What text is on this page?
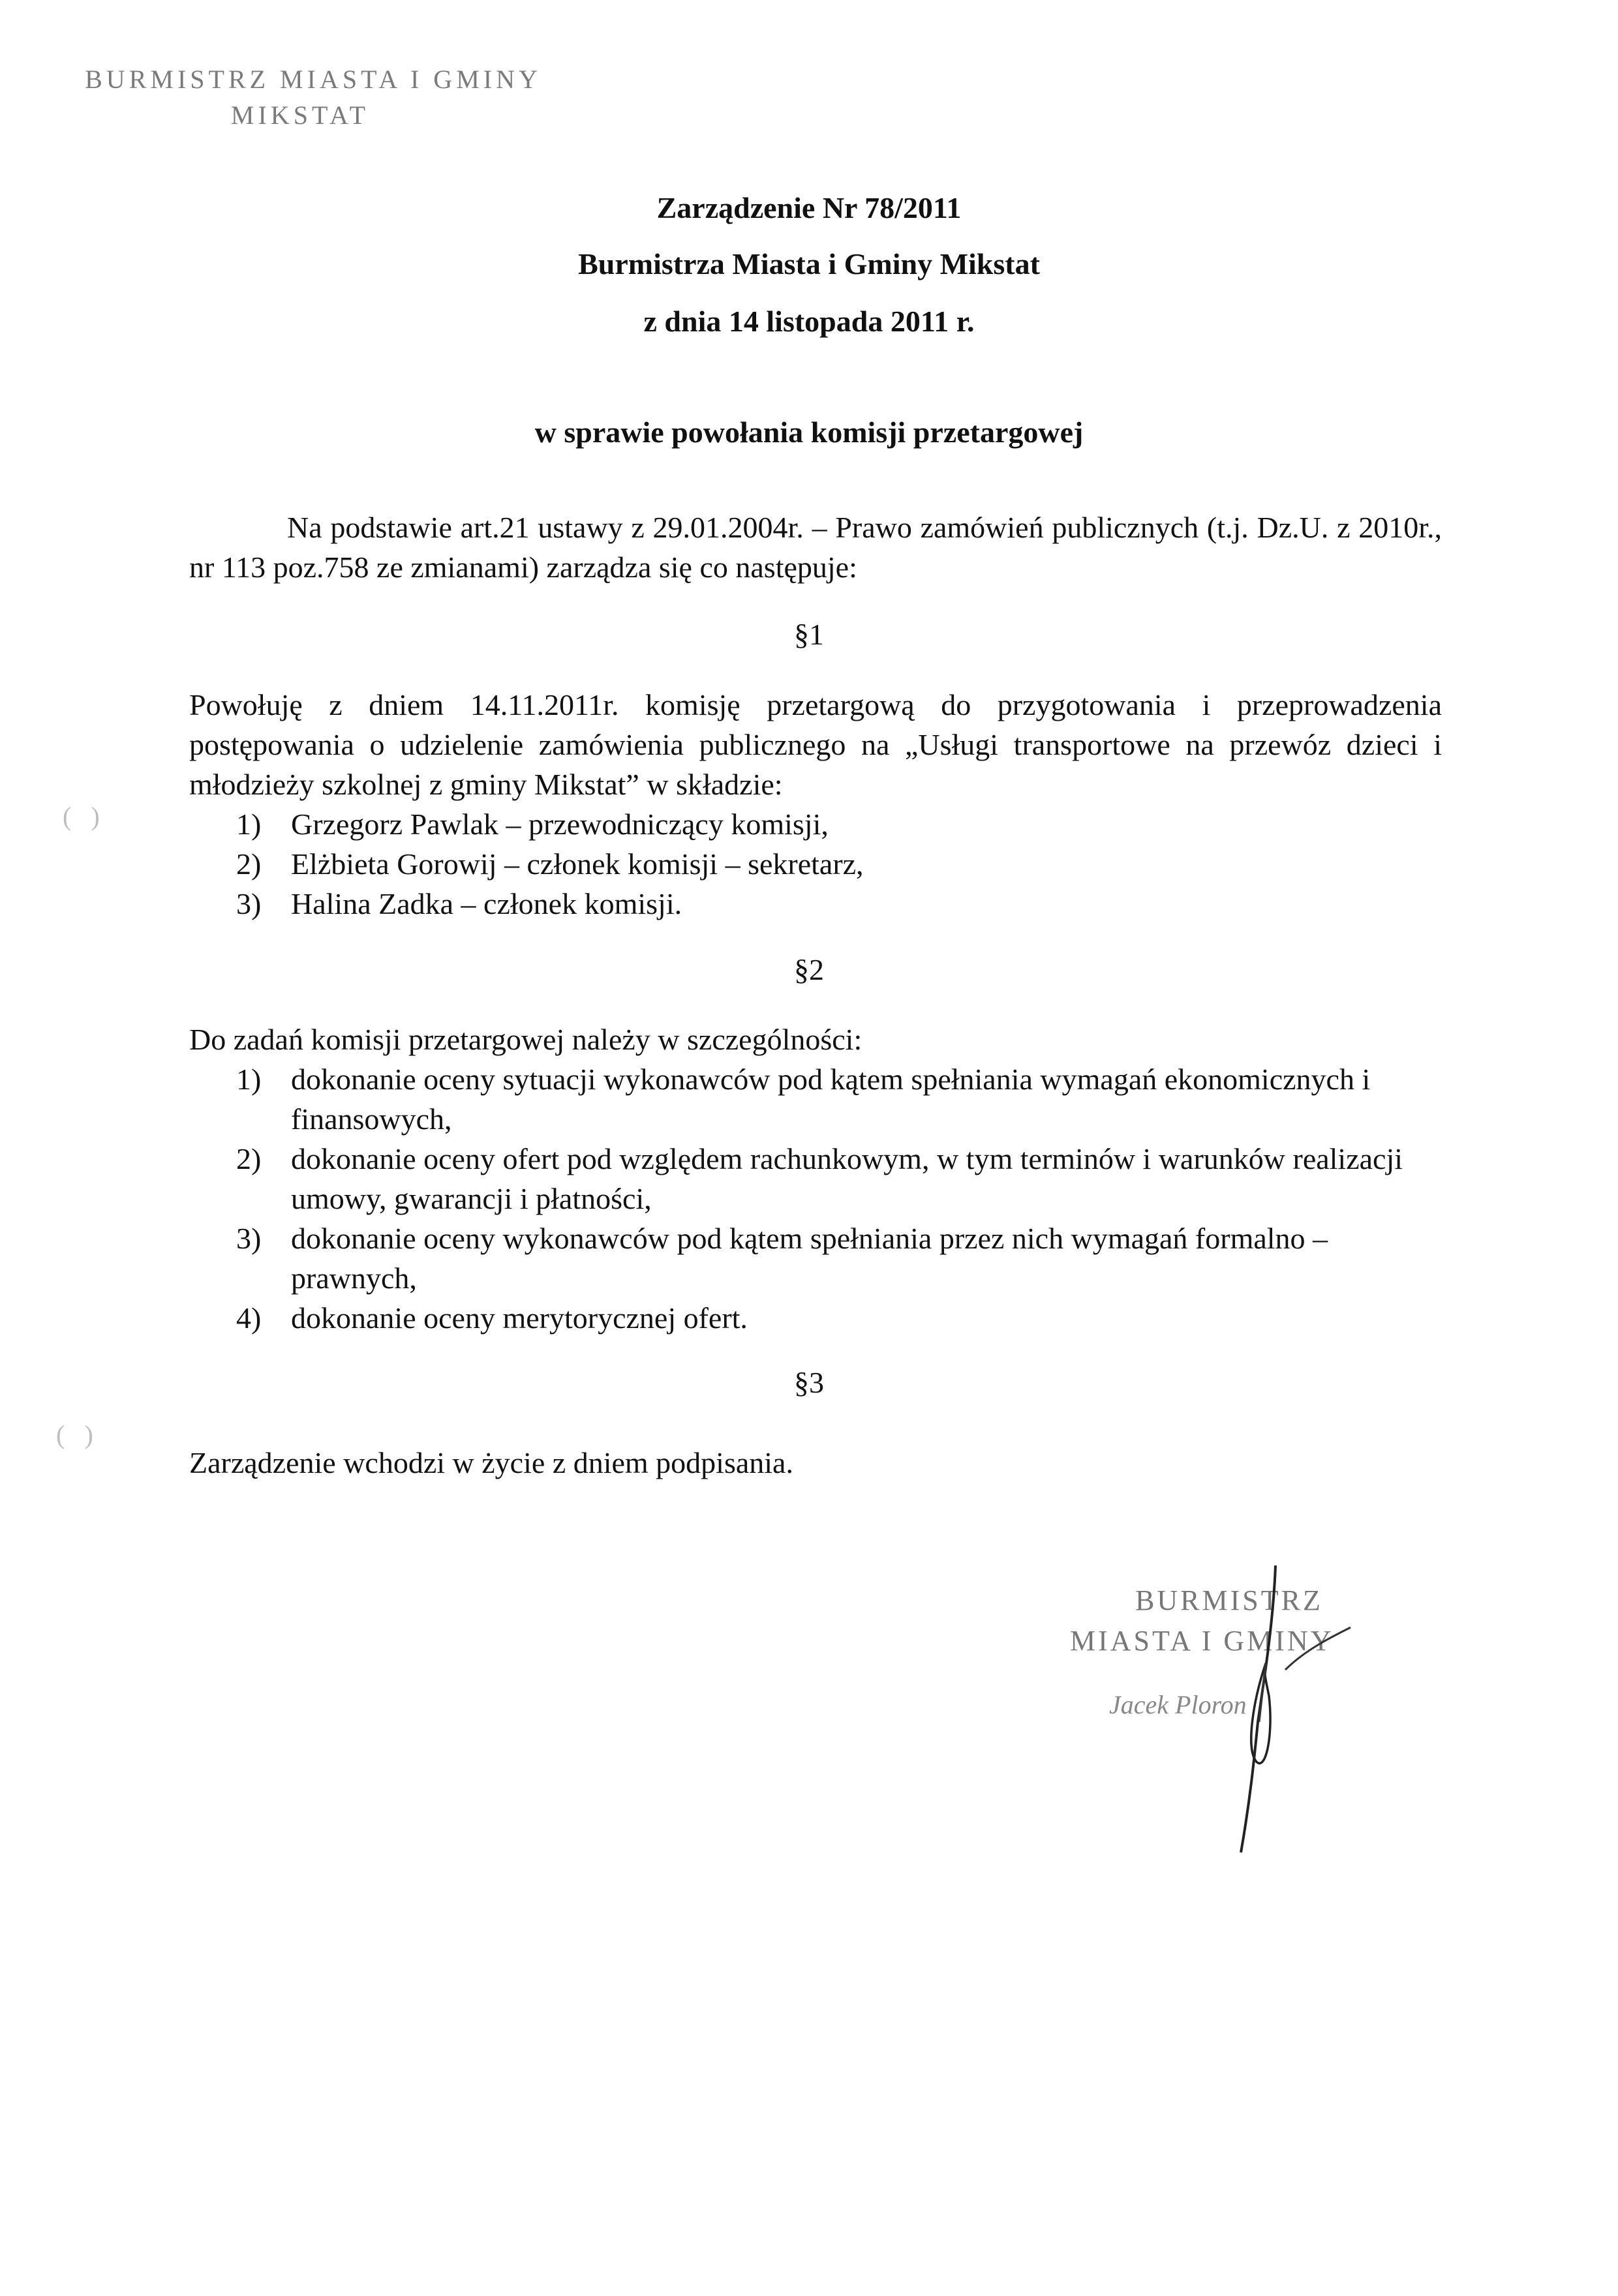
BURMISTRZ MIASTA I GMINY
MIKSTAT
Zarządzenie Nr 78/2011
Burmistrza Miasta i Gminy Mikstat
z dnia 14 listopada 2011 r.
w sprawie powołania komisji przetargowej
Na podstawie art.21 ustawy z 29.01.2004r. – Prawo zamówień publicznych (t.j. Dz.U. z 2010r., nr 113 poz.758 ze zmianami) zarządza się co następuje:
§1
Powołuję z dniem 14.11.2011r. komisję przetargową do przygotowania i przeprowadzenia postępowania o udzielenie zamówienia publicznego na „Usługi transportowe na przewóz dzieci i młodzieży szkolnej z gminy Mikstat” w składzie:
1) Grzegorz Pawlak – przewodniczący komisji,
2) Elżbieta Gorowij – członek komisji – sekretarz,
3) Halina Zadka – członek komisji.
§2
Do zadań komisji przetargowej należy w szczególności:
1) dokonanie oceny sytuacji wykonawców pod kątem spełniania wymagań ekonomicznych i finansowych,
2) dokonanie oceny ofert pod względem rachunkowym, w tym terminów i warunków realizacji umowy, gwarancji i płatności,
3) dokonanie oceny wykonawców pod kątem spełniania przez nich wymagań formalno – prawnych,
4) dokonanie oceny merytorycznej ofert.
§3
Zarządzenie wchodzi w życie z dniem podpisania.
(   )
(   )
BURMISTRZ
MIASTA I GMINY
Jacek Ploron
